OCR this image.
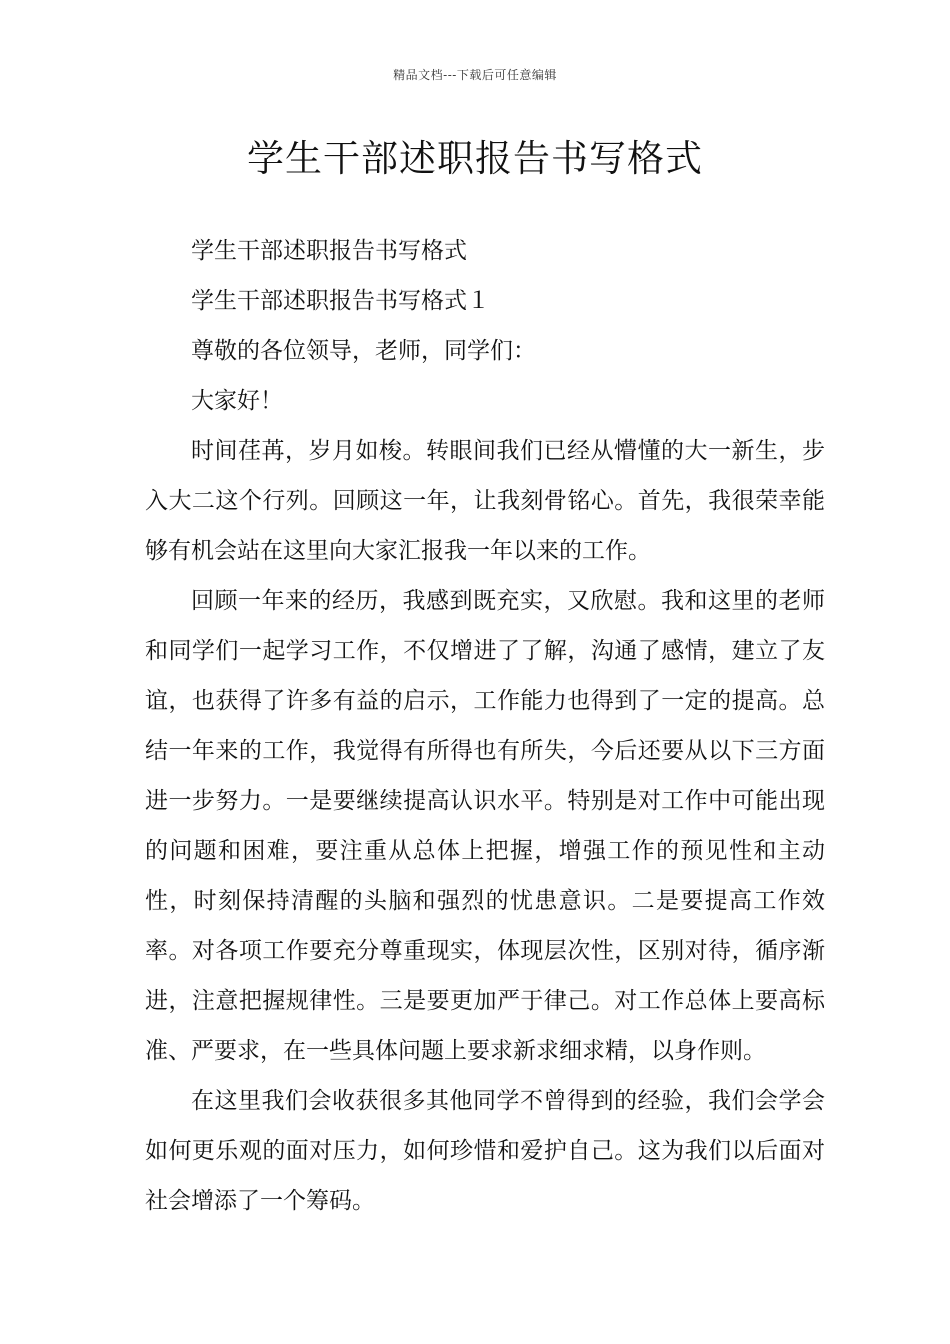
精品文档---下载后可任意编辑
学生干部述职报告书写格式

学生干部述职报告书写格式

学生干部述职报告书写格式１

尊敬的各位领导，老师，同学们：

大家好！

时间荏苒，岁月如梭。转眼间我们已经从懵懂的大一新生，步入大二这个行列。回顾这一年，让我刻骨铭心。首先，我很荣幸能够有机会站在这里向大家汇报我一年以来的工作。

回顾一年来的经历，我感到既充实，又欣慰。我和这里的老师和同学们一起学习工作，不仅增进了了解，沟通了感情，建立了友谊，也获得了许多有益的启示，工作能力也得到了一定的提高。总结一年来的工作，我觉得有所得也有所失，今后还要从以下三方面进一步努力。一是要继续提高认识水平。特别是对工作中可能出现的问题和困难，要注重从总体上把握，增强工作的预见性和主动性，时刻保持清醒的头脑和强烈的忧患意识。二是要提高工作效率。对各项工作要充分尊重现实，体现层次性，区别对待，循序渐进，注意把握规律性。三是要更加严于律己。对工作总体上要高标准、严要求，在一些具体问题上要求新求细求精，以身作则。

在这里我们会收获很多其他同学不曾得到的经验，我们会学会如何更乐观的面对压力，如何珍惜和爱护自己。这为我们以后面对社会增添了一个筹码。
